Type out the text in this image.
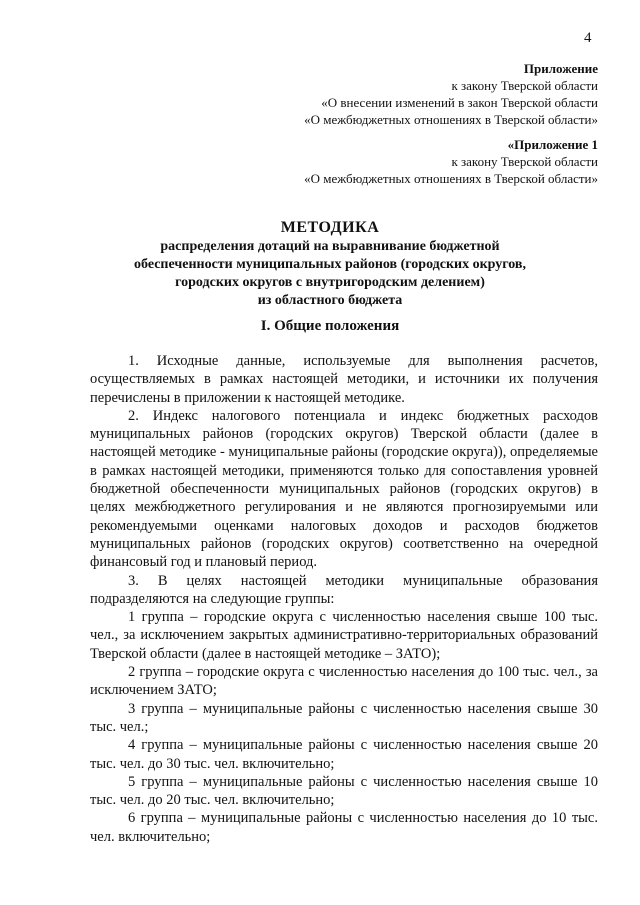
4
Приложение
к закону Тверской области
«О внесении изменений в закон Тверской области
«О межбюджетных отношениях в Тверской области»
«Приложение 1
к закону Тверской области
«О межбюджетных отношениях в Тверской области»
МЕТОДИКА
распределения дотаций на выравнивание бюджетной
обеспеченности муниципальных районов (городских округов,
городских округов с внутригородским делением)
из областного бюджета
I. Общие положения

1. Исходные данные, используемые для выполнения расчетов, осуществляемых в рамках настоящей методики, и источники их получения перечислены в приложении к настоящей методике.

2. Индекс налогового потенциала и индекс бюджетных расходов муниципальных районов (городских округов) Тверской области (далее в настоящей методике - муниципальные районы (городские округа)), определяемые в рамках настоящей методики, применяются только для сопоставления уровней бюджетной обеспеченности муниципальных районов (городских округов) в целях межбюджетного регулирования и не являются прогнозируемыми или рекомендуемыми оценками налоговых доходов и расходов бюджетов муниципальных районов (городских округов) соответственно на очередной финансовый год и плановый период.

3. В целях настоящей методики муниципальные образования подразделяются на следующие группы:

1 группа – городские округа с численностью населения свыше 100 тыс. чел., за исключением закрытых административно-территориальных образований Тверской области (далее в настоящей методике – ЗАТО);

2 группа – городские округа с численностью населения до 100 тыс. чел., за исключением ЗАТО;

3 группа – муниципальные районы с численностью населения свыше 30 тыс. чел.;

4 группа – муниципальные районы с численностью населения свыше 20 тыс. чел. до 30 тыс. чел. включительно;

5 группа – муниципальные районы с численностью населения свыше 10 тыс. чел. до 20 тыс. чел. включительно;

6 группа – муниципальные районы с численностью населения до 10 тыс. чел. включительно;
